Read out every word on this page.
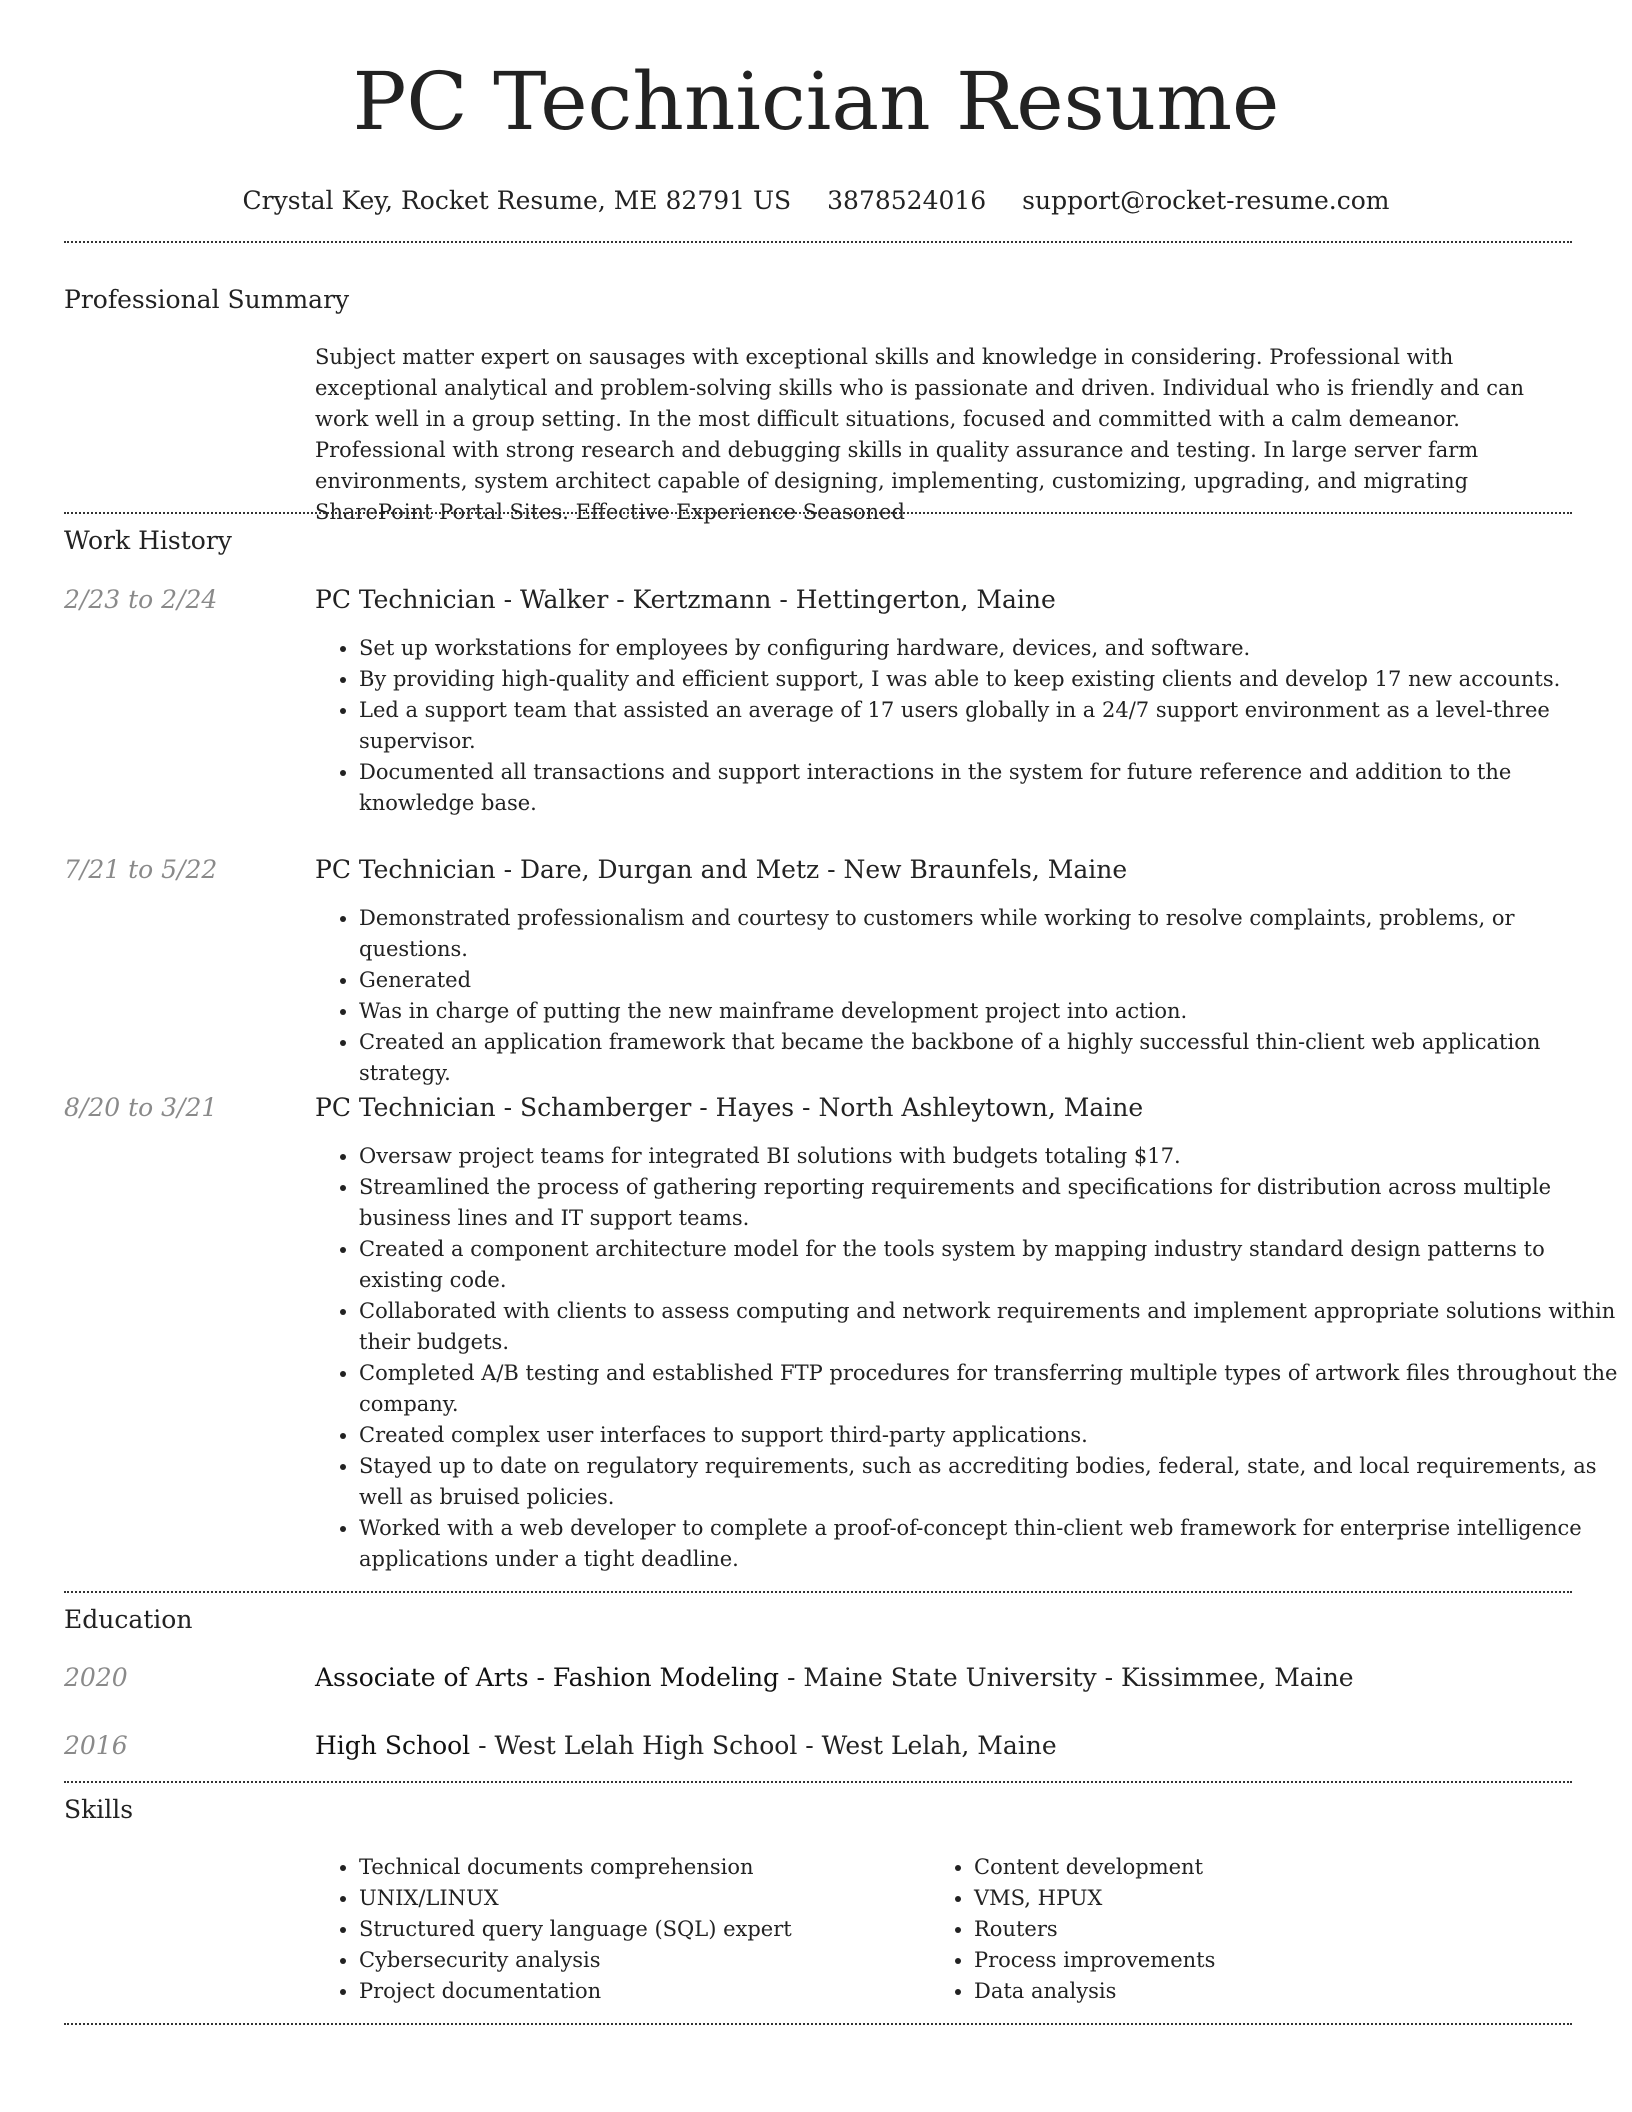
PC Technician Resume
Crystal Key, Rocket Resume, ME 82791 US 3878524016 support@rocket-resume.com
Professional Summary

Subject matter expert on sausages with exceptional skills and knowledge in considering. Professional with exceptional analytical and problem-solving skills who is passionate and driven. Individual who is friendly and can work well in a group setting. In the most difficult situations, focused and committed with a calm demeanor. Professional with strong research and debugging skills in quality assurance and testing. In large server farm environments, system architect capable of designing, implementing, customizing, upgrading, and migrating SharePoint Portal Sites. Effective Experience Seasoned

Work History
2/23 to 2/24	PC Technician - Walker - Kertzmann - Hettingerton, Maine
• Set up workstations for employees by configuring hardware, devices, and software.
• By providing high-quality and efficient support, I was able to keep existing clients and develop 17 new accounts.
• Led a support team that assisted an average of 17 users globally in a 24/7 support environment as a level-three supervisor.
• Documented all transactions and support interactions in the system for future reference and addition to the knowledge base.
7/21 to 5/22	PC Technician - Dare, Durgan and Metz - New Braunfels, Maine
• Demonstrated professionalism and courtesy to customers while working to resolve complaints, problems, or questions.
• Generated
• Was in charge of putting the new mainframe development project into action.
• Created an application framework that became the backbone of a highly successful thin-client web application strategy.
8/20 to 3/21	PC Technician - Schamberger - Hayes - North Ashleytown, Maine
• Oversaw project teams for integrated BI solutions with budgets totaling $17.
• Streamlined the process of gathering reporting requirements and specifications for distribution across multiple business lines and IT support teams.
• Created a component architecture model for the tools system by mapping industry standard design patterns to existing code.
• Collaborated with clients to assess computing and network requirements and implement appropriate solutions within their budgets.
• Completed A/B testing and established FTP procedures for transferring multiple types of artwork files throughout the company.
• Created complex user interfaces to support third-party applications.
• Stayed up to date on regulatory requirements, such as accrediting bodies, federal, state, and local requirements, as well as bruised policies.
• Worked with a web developer to complete a proof-of-concept thin-client web framework for enterprise intelligence applications under a tight deadline.
Education
2020	Associate of Arts - Fashion Modeling - Maine State University - Kissimmee, Maine
2016	High School - West Lelah High School - West Lelah, Maine
Skills
• Technical documents comprehension
• UNIX/LINUX
• Structured query language (SQL) expert
• Cybersecurity analysis
• Project documentation
• Content development
• VMS, HPUX
• Routers
• Process improvements
• Data analysis
